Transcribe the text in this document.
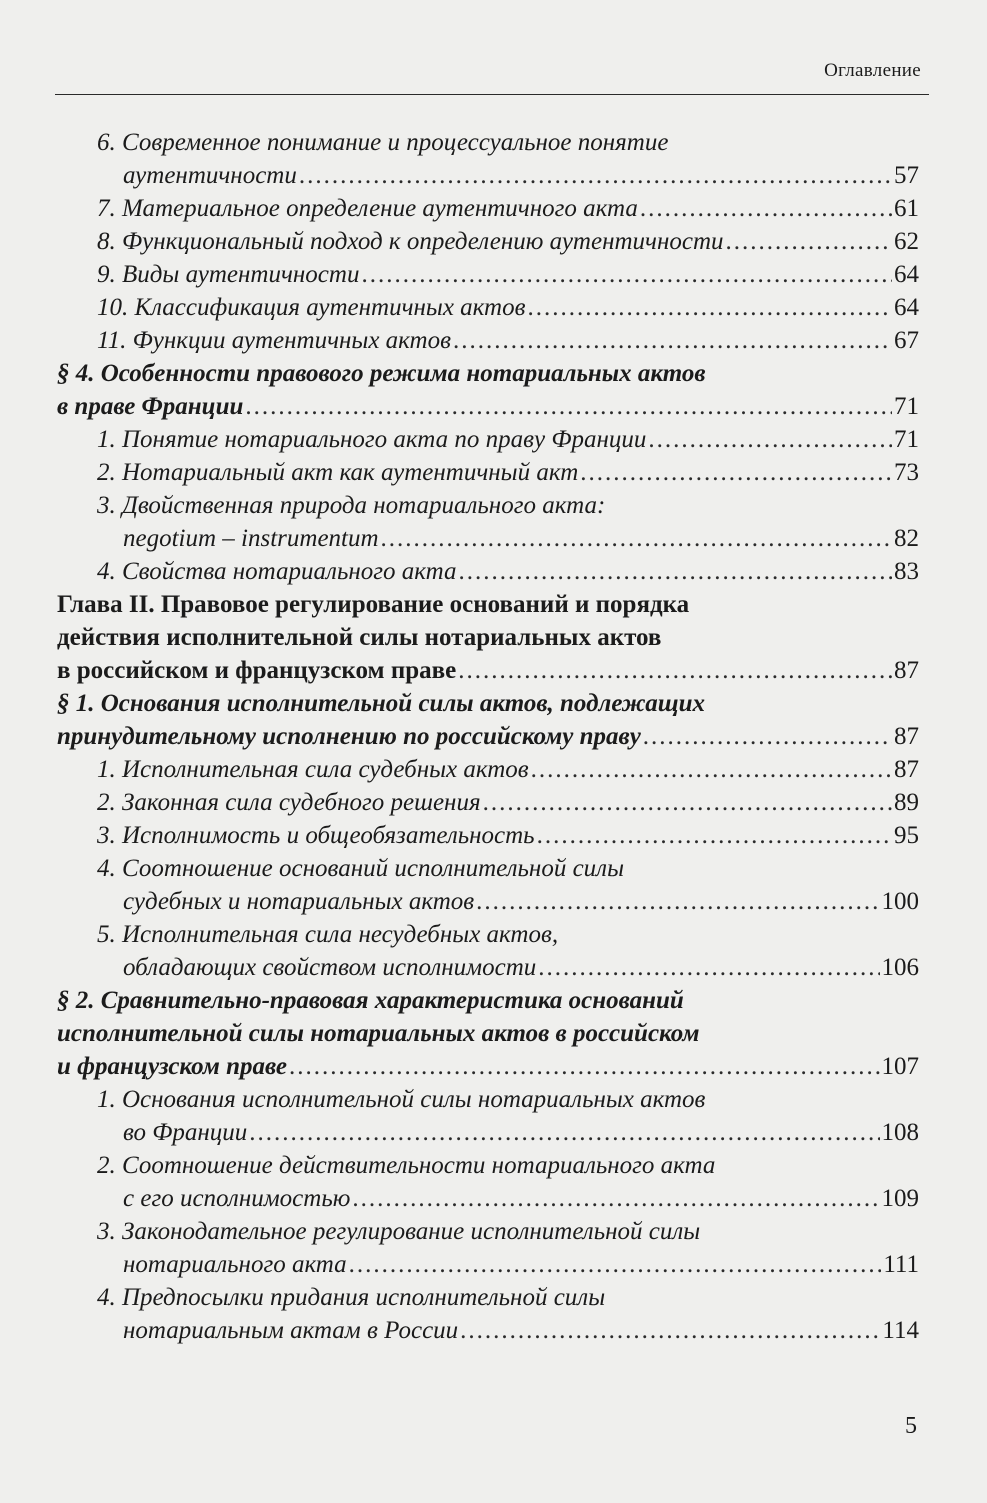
Оглавление
6. Современное понимание и процессуальное понятие
аутентичности .....	57
7. Материальное определение аутентичного акта .....	61
8. Функциональный подход к определению аутентичности .....	62
9. Виды аутентичности .....	64
10. Классификация аутентичных актов .....	64
11. Функции аутентичных актов .....	67
§ 4. Особенности правового режима нотариальных актов
в праве Франции .....	71
1. Понятие нотариального акта по праву Франции .....	71
2. Нотариальный акт как аутентичный акт .....	73
3. Двойственная природа нотариального акта:
negotium – instrumentum .....	82
4. Свойства нотариального акта .....	83
Глава II. Правовое регулирование оснований и порядка
действия исполнительной силы нотариальных актов
в российском и французском праве .....	87
§ 1. Основания исполнительной силы актов, подлежащих
принудительному исполнению по российскому праву .....	87
1. Исполнительная сила судебных актов .....	87
2. Законная сила судебного решения .....	89
3. Исполнимость и общеобязательность .....	95
4. Соотношение оснований исполнительной силы
судебных и нотариальных актов .....	100
5. Исполнительная сила несудебных актов,
обладающих свойством исполнимости .....	106
§ 2. Сравнительно-правовая характеристика оснований
исполнительной силы нотариальных актов в российском
и французском праве .....	107
1. Основания исполнительной силы нотариальных актов
во Франции .....	108
2. Соотношение действительности нотариального акта
с его исполнимостью .....	109
3. Законодательное регулирование исполнительной силы
нотариального акта .....	111
4. Предпосылки придания исполнительной силы
нотариальным актам в России .....	114
5
